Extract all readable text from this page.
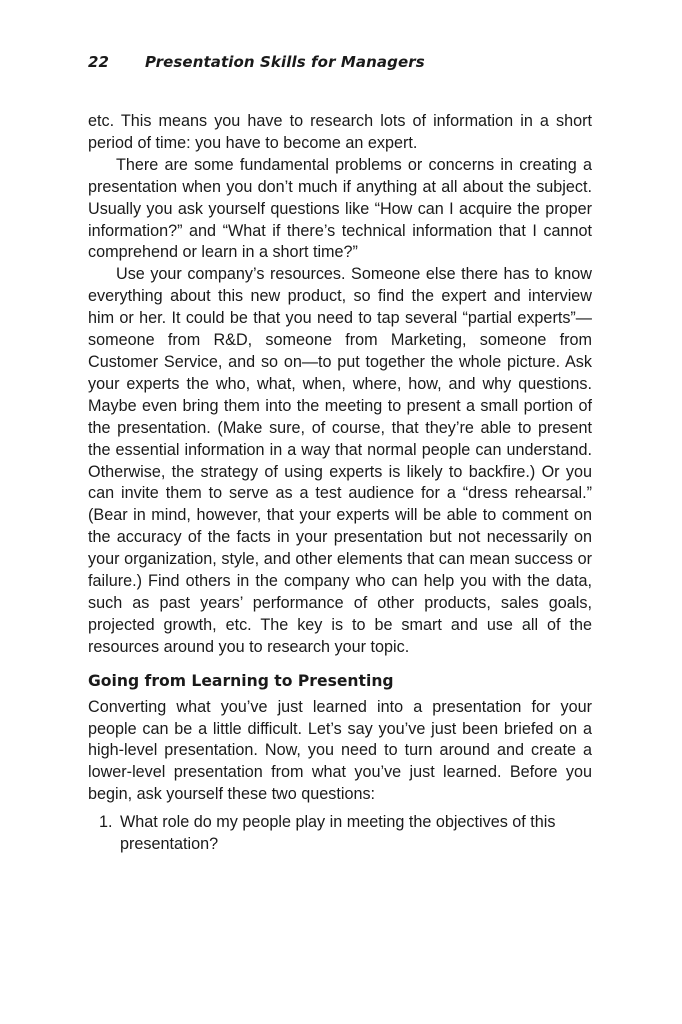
22 Presentation Skills for Managers

etc. This means you have to research lots of information in a short period of time: you have to become an expert.

There are some fundamental problems or concerns in creating a presentation when you don’t much if anything at all about the subject. Usually you ask yourself questions like “How can I acquire the proper information?” and “What if there’s technical information that I cannot comprehend or learn in a short time?”

Use your company’s resources. Someone else there has to know everything about this new product, so find the expert and interview him or her. It could be that you need to tap several “partial experts”—someone from R&D, someone from Marketing, someone from Customer Service, and so on—to put together the whole picture. Ask your experts the who, what, when, where, how, and why questions. Maybe even bring them into the meeting to present a small portion of the presentation. (Make sure, of course, that they’re able to present the essential information in a way that normal people can understand. Otherwise, the strategy of using experts is likely to backfire.) Or you can invite them to serve as a test audience for a “dress rehearsal.” (Bear in mind, however, that your experts will be able to comment on the accuracy of the facts in your presentation but not necessarily on your organization, style, and other elements that can mean success or failure.) Find others in the company who can help you with the data, such as past years’ performance of other products, sales goals, projected growth, etc. The key is to be smart and use all of the resources around you to research your topic.

Going from Learning to Presenting

Converting what you’ve just learned into a presentation for your people can be a little difficult. Let’s say you’ve just been briefed on a high-level presentation. Now, you need to turn around and create a lower-level presentation from what you’ve just learned. Before you begin, ask yourself these two questions:

1. What role do my people play in meeting the objectives of this presentation?
